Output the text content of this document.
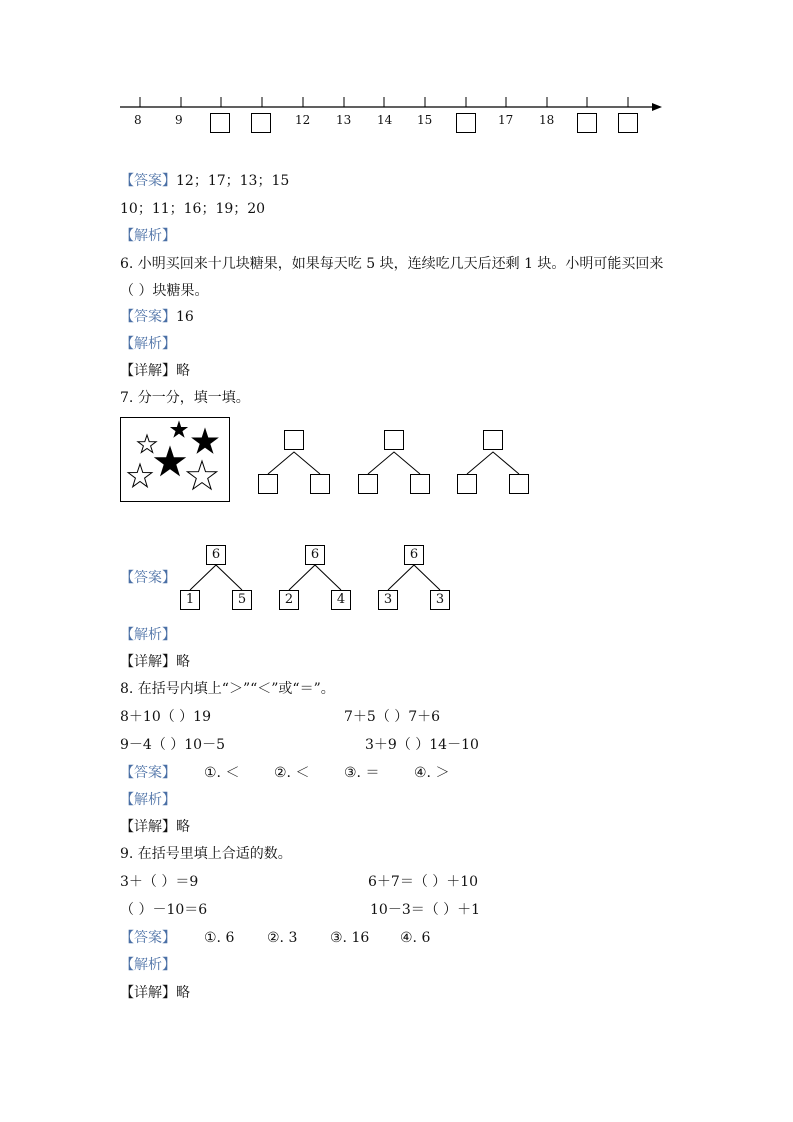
8	9	12 13 14 15	17 18
【答案】12；17；13；15
10；11；16；19；20
【解析】
6. 小明买回来十几块糖果，如果每天吃 5 块，连续吃几天后还剩 1 块。小明可能买回来
（ ）块糖果。
【答案】16
【解析】
【详解】略
7. 分一分，填一填。
【答案】
6
1	5
6
2	4
6
3	3
【解析】
【详解】略
8. 在括号内填上“＞”“＜”或“＝”。
8＋10（ ）19	7＋5（ ）7＋6
9－4（ ）10－5	3＋9（ ）14－10
【答案】 ①. ＜ ②. ＜ ③. ＝ ④. ＞
【解析】
【详解】略
9. 在括号里填上合适的数。
3＋（ ）＝9	6＋7＝（ ）＋10
（ ）－10＝6	10－3＝（ ）＋1
【答案】 ①. 6 ②. 3 ③. 16 ④. 6
【解析】
【详解】略
